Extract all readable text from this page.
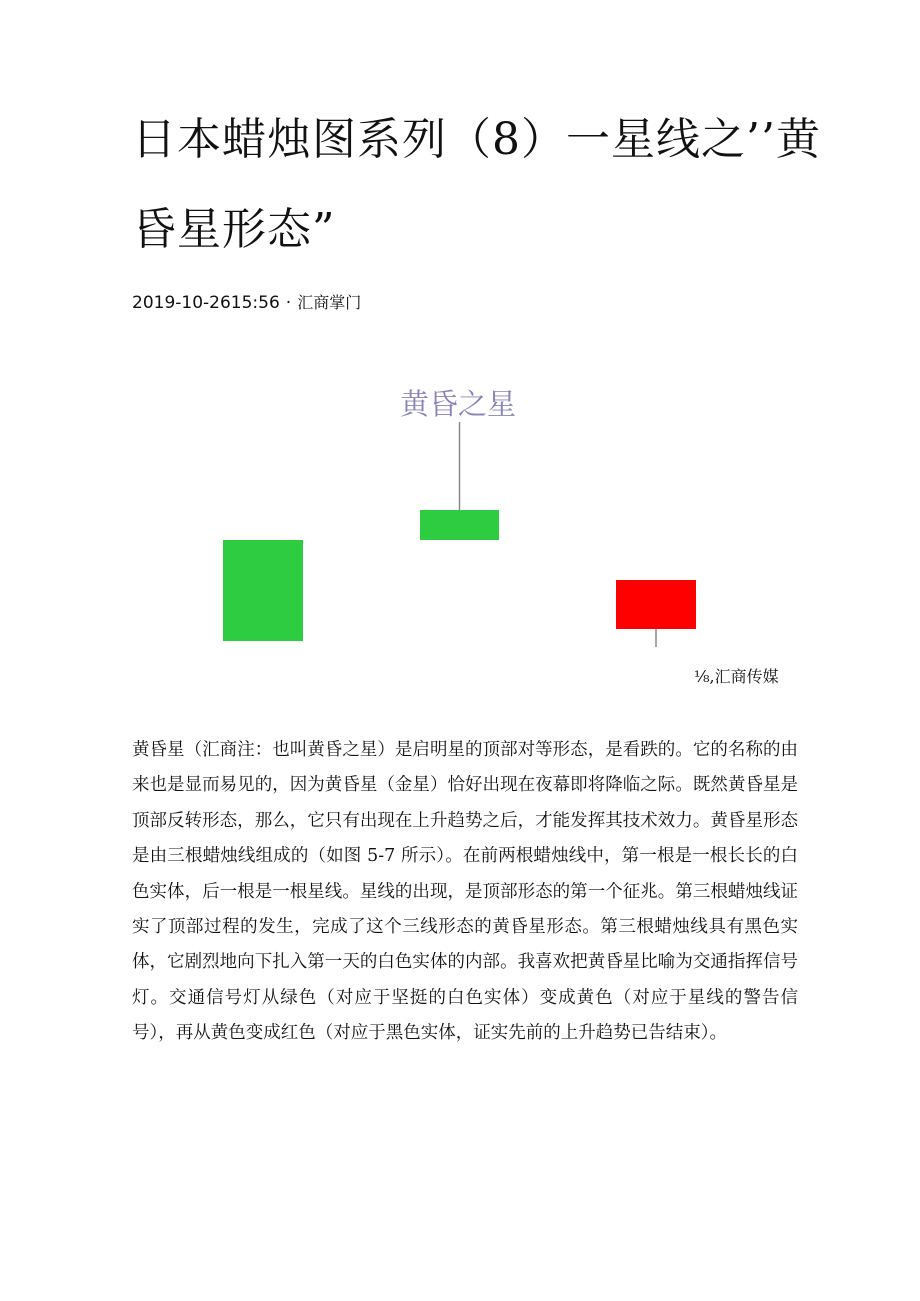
日本蜡烛图系列（8）一星线之’’黄
昏星形态”
2019-10-2615:56 · 汇商掌门
黄昏之星
⅛,汇商传媒
黄昏星（汇商注：也叫黄昏之星）是启明星的顶部对等形态，是看跌的。它的名称的由来也是显而易见的，因为黄昏星（金星）恰好出现在夜幕即将降临之际。既然黄昏星是顶部反转形态，那么，它只有出现在上升趋势之后，才能发挥其技术效力。黄昏星形态是由三根蜡烛线组成的（如图 5-7 所示）。在前两根蜡烛线中，第一根是一根长长的白色实体，后一根是一根星线。星线的出现，是顶部形态的第一个征兆。第三根蜡烛线证实了顶部过程的发生，完成了这个三线形态的黄昏星形态。第三根蜡烛线具有黑色实体，它剧烈地向下扎入第一天的白色实体的内部。我喜欢把黄昏星比喻为交通指挥信号灯。交通信号灯从绿色（对应于坚挺的白色实体）变成黄色（对应于星线的警告信号），再从黄色变成红色（对应于黑色实体，证实先前的上升趋势已告结束）。
